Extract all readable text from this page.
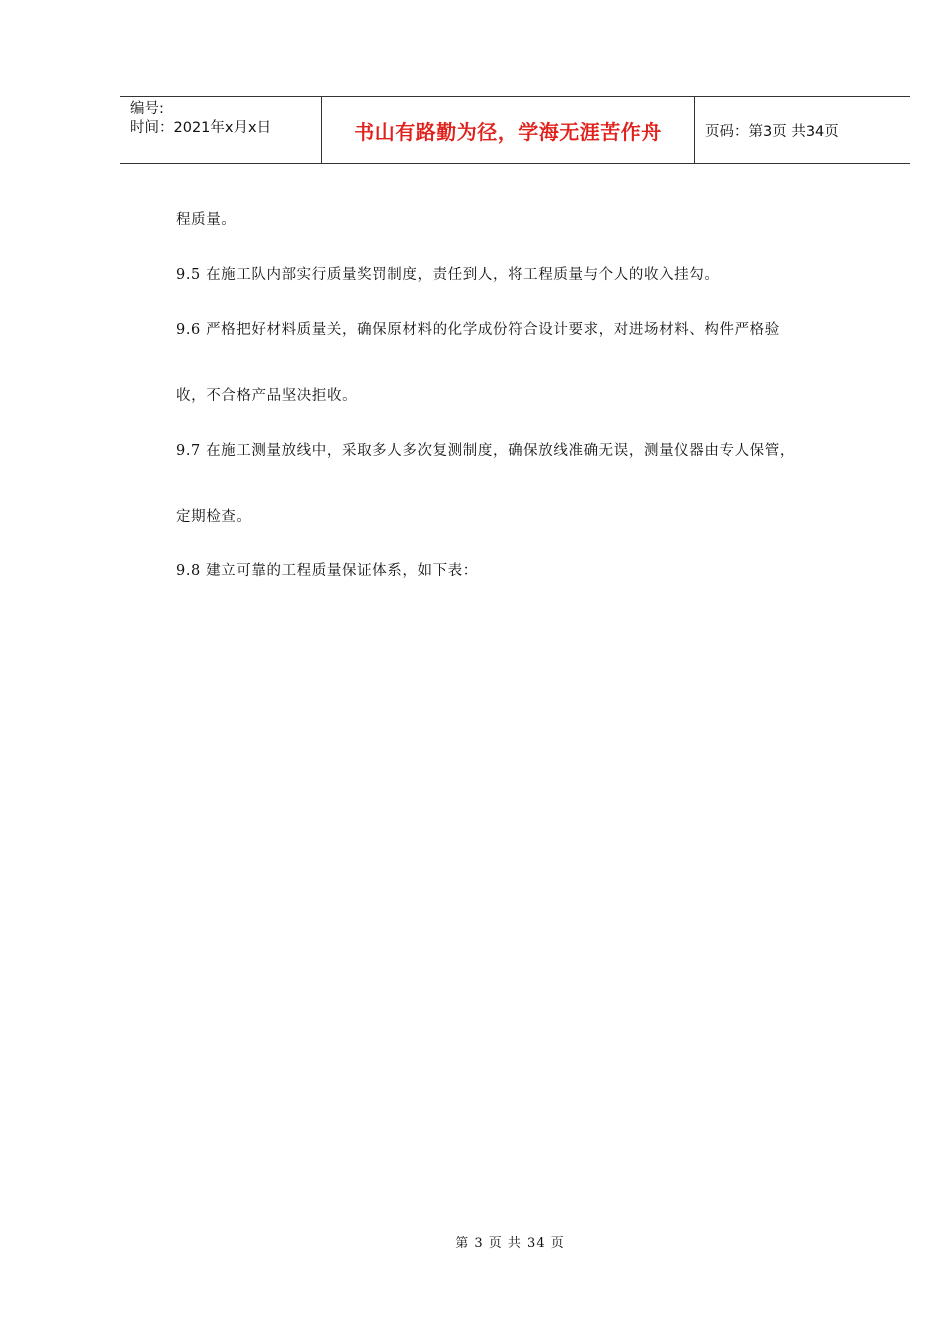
编号:
时间：2021年x月x日	书山有路勤为径，学海无涯苦作舟	页码：第3页 共34页
程质量。
9.5 在施工队内部实行质量奖罚制度，责任到人，将工程质量与个人的收入挂勾。
9.6 严格把好材料质量关，确保原材料的化学成份符合设计要求，对进场材料、构件严格验
收，不合格产品坚决拒收。
9.7 在施工测量放线中，采取多人多次复测制度，确保放线准确无误，测量仪器由专人保管，
定期检查。
9.8 建立可靠的工程质量保证体系，如下表：
第 3 页 共 34 页
